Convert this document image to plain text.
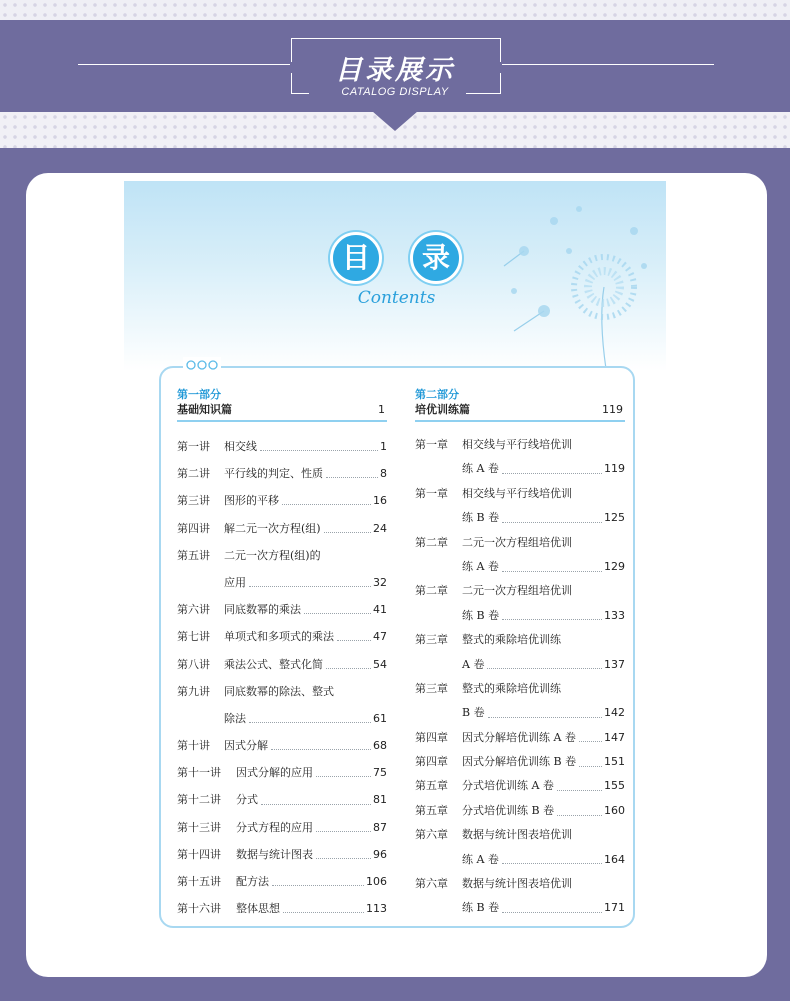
目录展示
CATALOG DISPLAY
目	录
Contents
第一部分
基础知识篇	1
第一讲	相交线	1
第二讲	平行线的判定、性质	8
第三讲	图形的平移	16
第四讲	解二元一次方程(组)	24
第五讲	二元一次方程(组)的
应用	32
第六讲	同底数幂的乘法	41
第七讲	单项式和多项式的乘法	47
第八讲	乘法公式、整式化简	54
第九讲	同底数幂的除法、整式
除法	61
第十讲	因式分解	68
第十一讲	因式分解的应用	75
第十二讲	分式	81
第十三讲	分式方程的应用	87
第十四讲	数据与统计图表	96
第十五讲	配方法	106
第十六讲	整体思想	113
第二部分
培优训练篇	119
第一章	相交线与平行线培优训
练 A 卷	119
第一章	相交线与平行线培优训
练 B 卷	125
第二章	二元一次方程组培优训
练 A 卷	129
第二章	二元一次方程组培优训
练 B 卷	133
第三章	整式的乘除培优训练
A 卷	137
第三章	整式的乘除培优训练
B 卷	142
第四章	因式分解培优训练 A 卷	147
第四章	因式分解培优训练 B 卷	151
第五章	分式培优训练 A 卷	155
第五章	分式培优训练 B 卷	160
第六章	数据与统计图表培优训
练 A 卷	164
第六章	数据与统计图表培优训
练 B 卷	171
